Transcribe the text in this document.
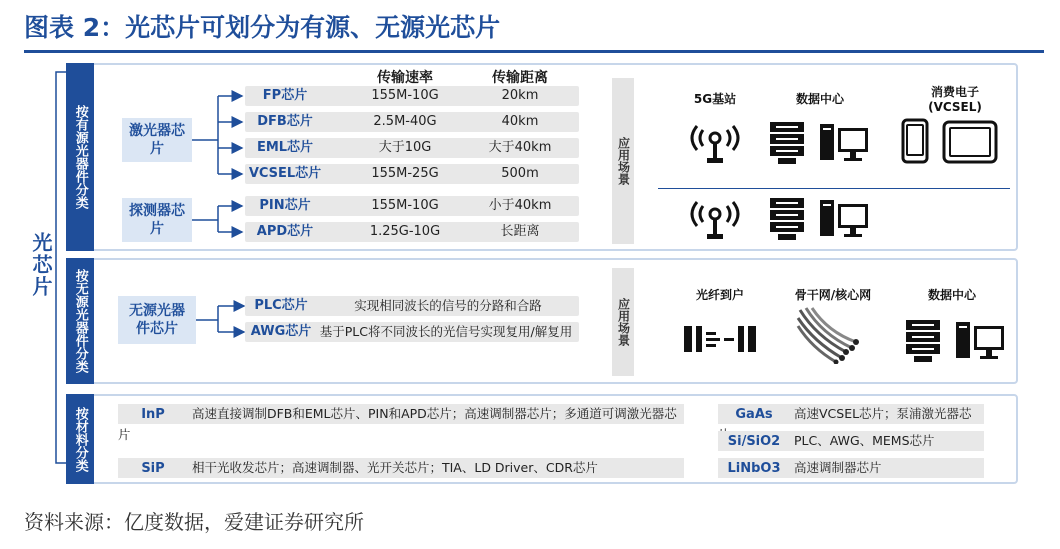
图表 2：光芯片可划分为有源、无源光芯片
光芯片
按有源光器件分类
传输速率	传输距离
激光器芯片
探测器芯片
FP芯片	155M-10G	20km
DFB芯片	2.5M-40G	40km
EML芯片	大于10G	大于40km
VCSEL芯片	155M-25G	500m
PIN芯片	155M-10G	小于40km
APD芯片	1.25G-10G	长距离
应用场景
5G基站	数据中心	消费电子
(VCSEL)
按无源光器件分类	无源光器件芯片
PLC芯片	实现相同波长的信号的分路和合路
AWG芯片 基于PLC将不同波长的光信号实现复用/解复用	应用场景
光纤到户	骨干网/核心网	数据中心
按材料分类	InP 高速直接调制DFB和EML芯片、PIN和APD芯片；高速调制器芯片；多通道可调激光器芯片
SiP 相干光收发芯片；高速调制器、光开关芯片；TIA、LD Driver、CDR芯片
GaAs 高速VCSEL芯片；泵浦激光器芯
Si/SiO2 PLC、AWG、MEMS芯片
LiNbO3 高速调制器芯片
资料来源：亿度数据，爱建证券研究所
